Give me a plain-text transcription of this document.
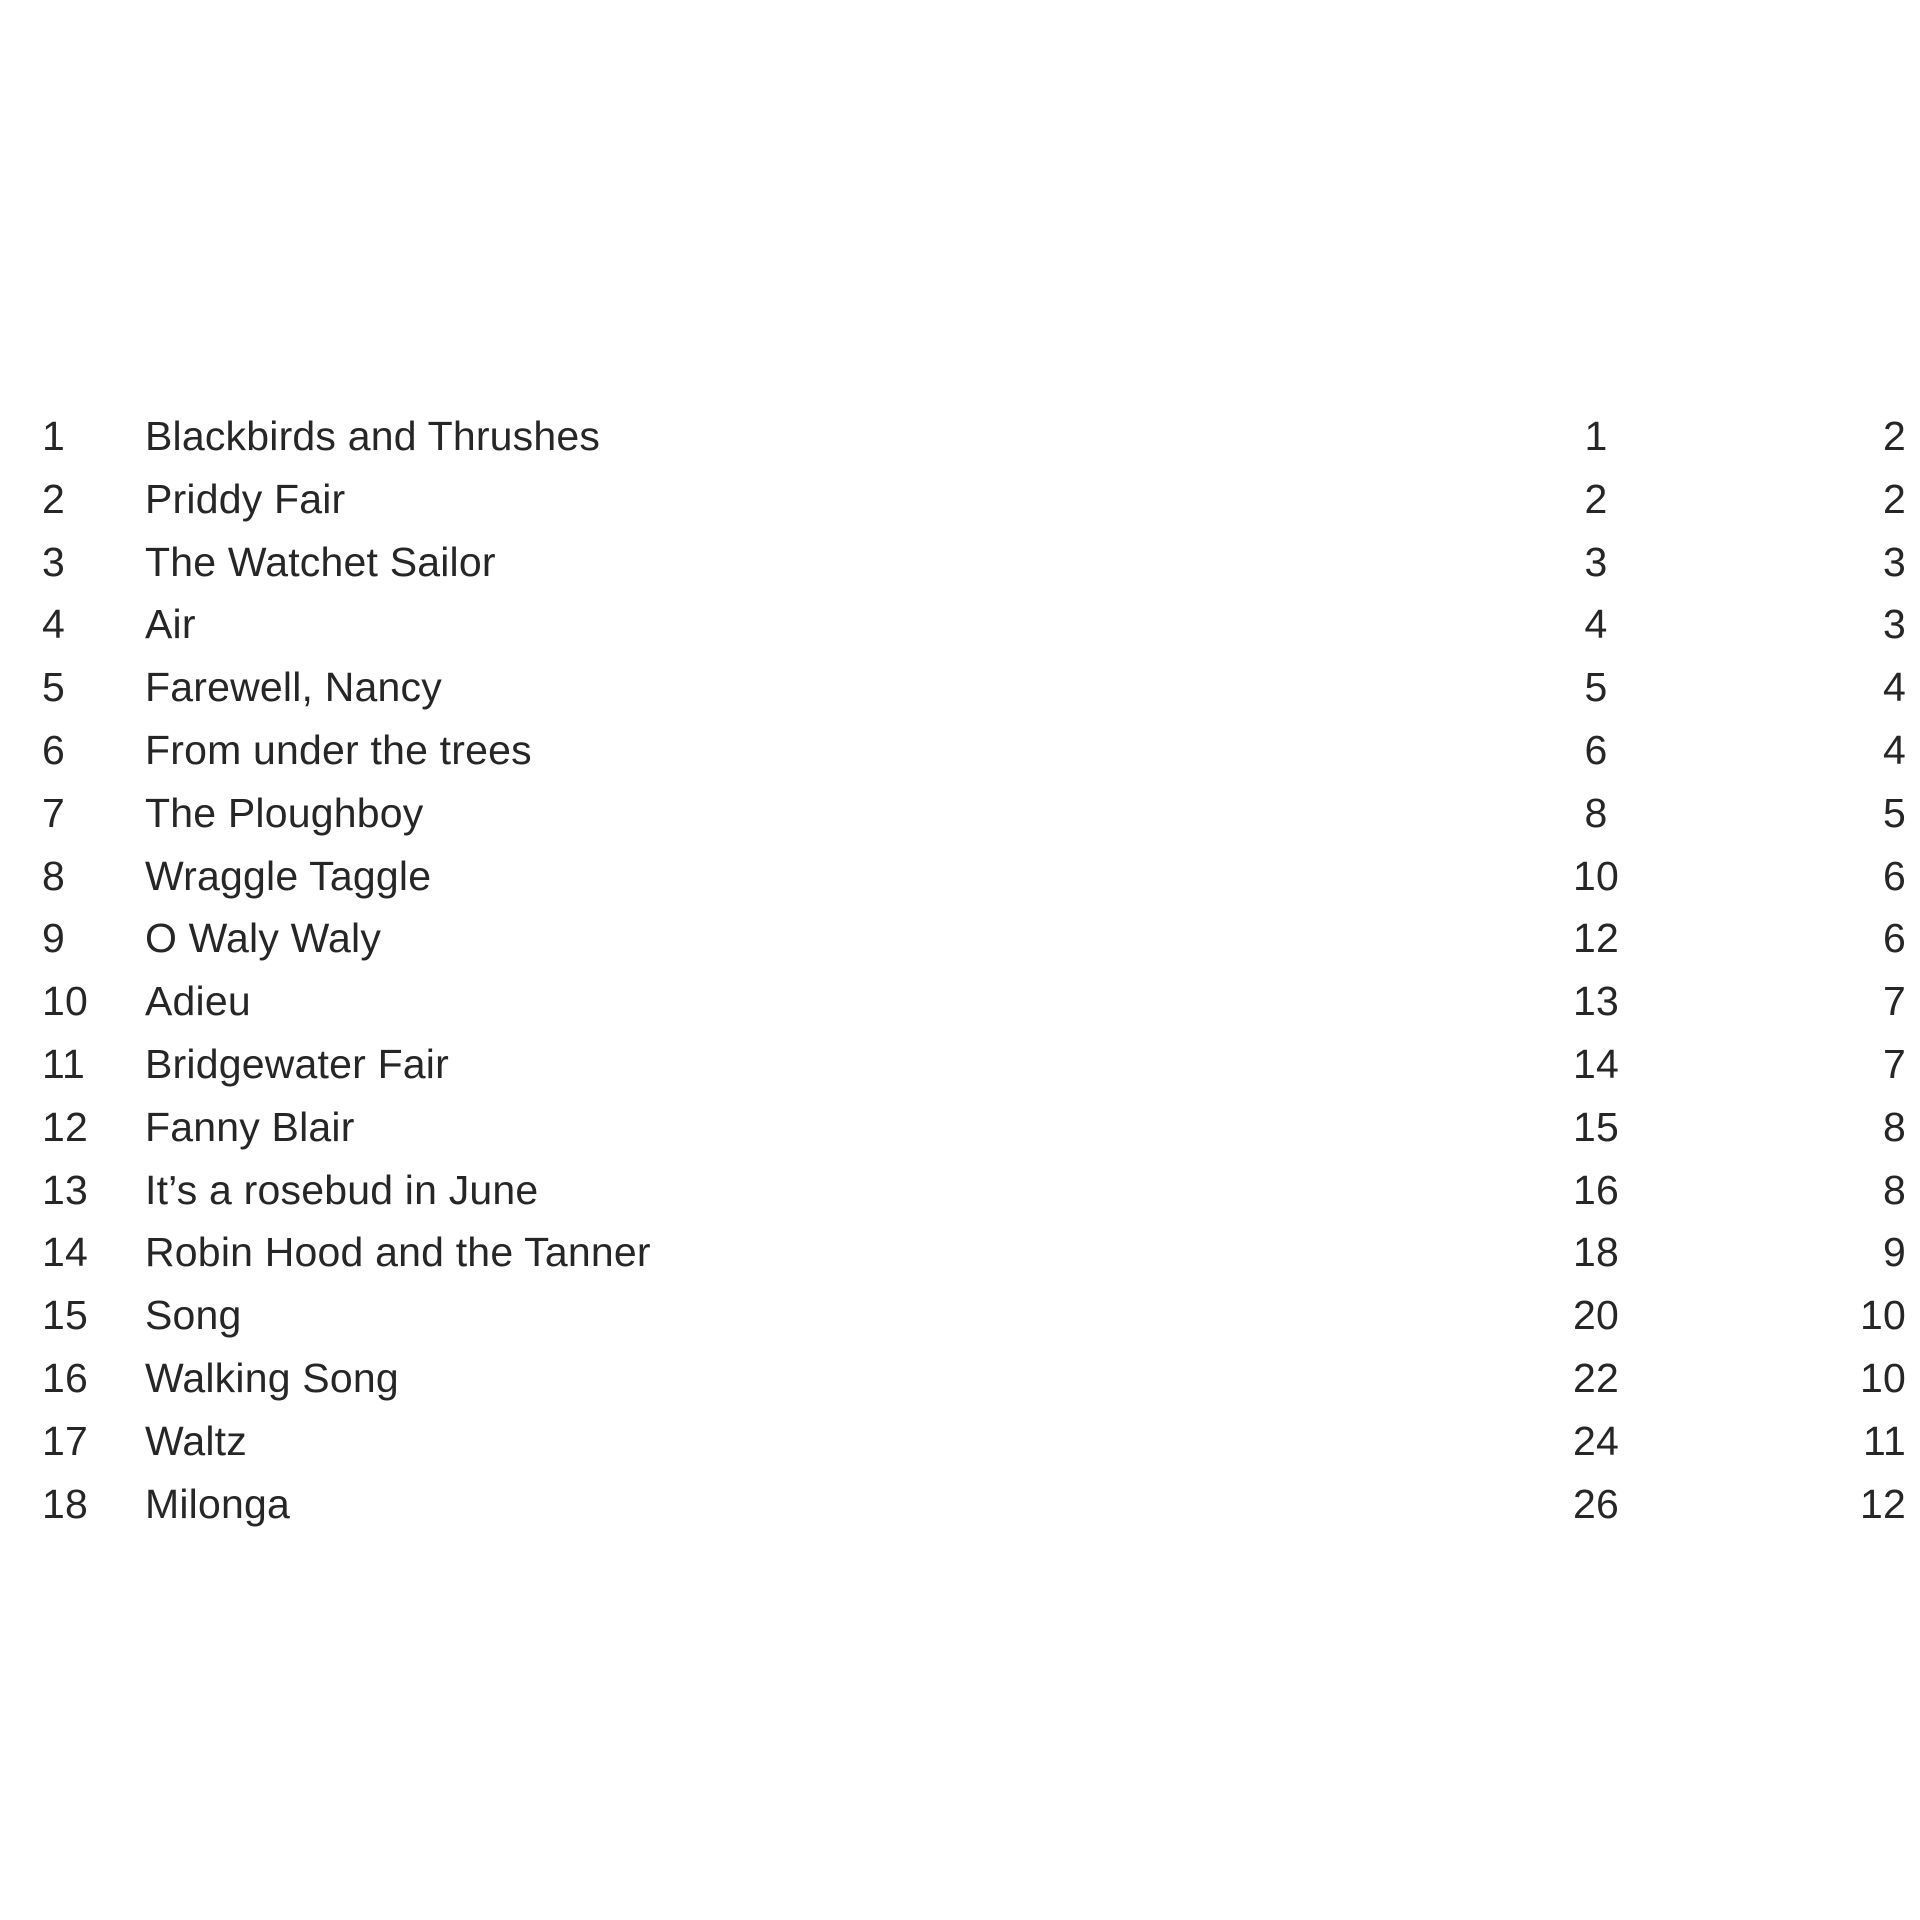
1 Blackbirds and Thrushes	1	2
2 Priddy Fair	2	2
3 The Watchet Sailor	3	3
4 Air	4	3
5 Farewell, Nancy	5	4
6 From under the trees	6	4
7 The Ploughboy	8	5
8 Wraggle Taggle	10	6
9 O Waly Waly	12	6
10 Adieu	13	7
11 Bridgewater Fair	14	7
12 Fanny Blair	15	8
13 It’s a rosebud in June	16	8
14 Robin Hood and the Tanner	18	9
15 Song	20	10
16 Walking Song	22	10
17 Waltz	24	11
18 Milonga	26	12
